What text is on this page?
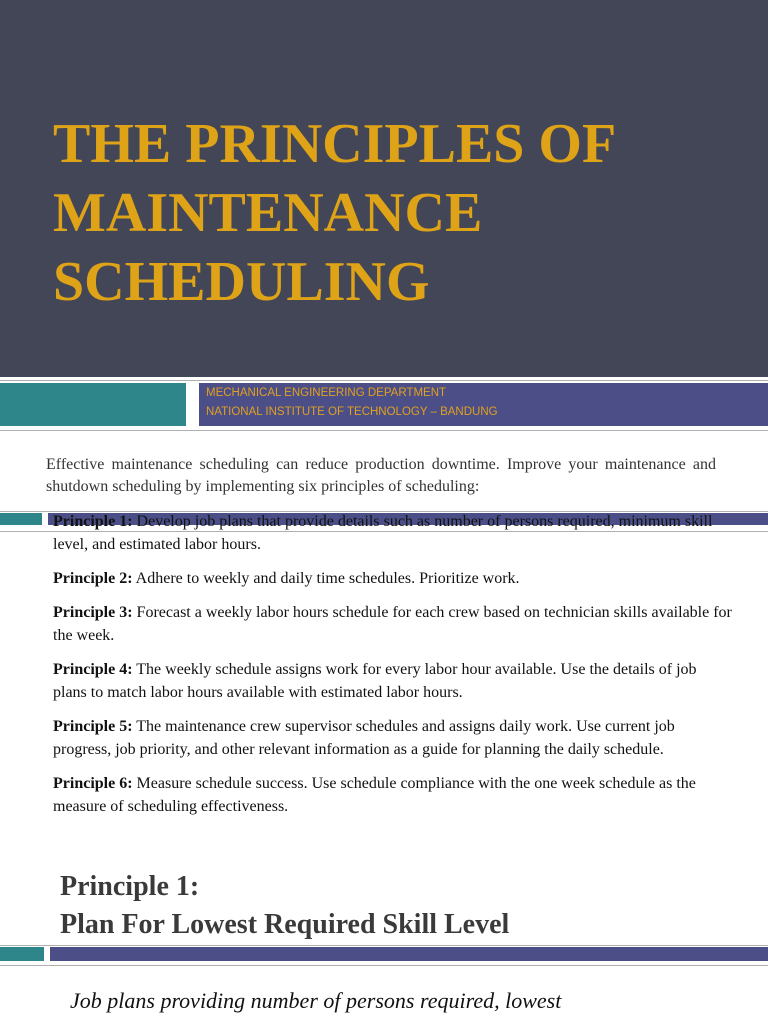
THE PRINCIPLES OF
MAINTENANCE
SCHEDULING
MECHANICAL ENGINEERING DEPARTMENT
NATIONAL INSTITUTE OF TECHNOLOGY – BANDUNG

Effective maintenance scheduling can reduce production downtime. Improve your maintenance and shutdown scheduling by implementing six principles of scheduling:

Principle 1: Develop job plans that provide details such as number of persons required, minimum skill level, and estimated labor hours.

Principle 2: Adhere to weekly and daily time schedules. Prioritize work.

Principle 3: Forecast a weekly labor hours schedule for each crew based on technician skills available for the week.

Principle 4: The weekly schedule assigns work for every labor hour available. Use the details of job plans to match labor hours available with estimated labor hours.

Principle 5: The maintenance crew supervisor schedules and assigns daily work. Use current job progress, job priority, and other relevant information as a guide for planning the daily schedule.

Principle 6: Measure schedule success. Use schedule compliance with the one week schedule as the measure of scheduling effectiveness.

Principle 1:
Plan For Lowest Required Skill Level

Job plans providing number of persons required, lowest
